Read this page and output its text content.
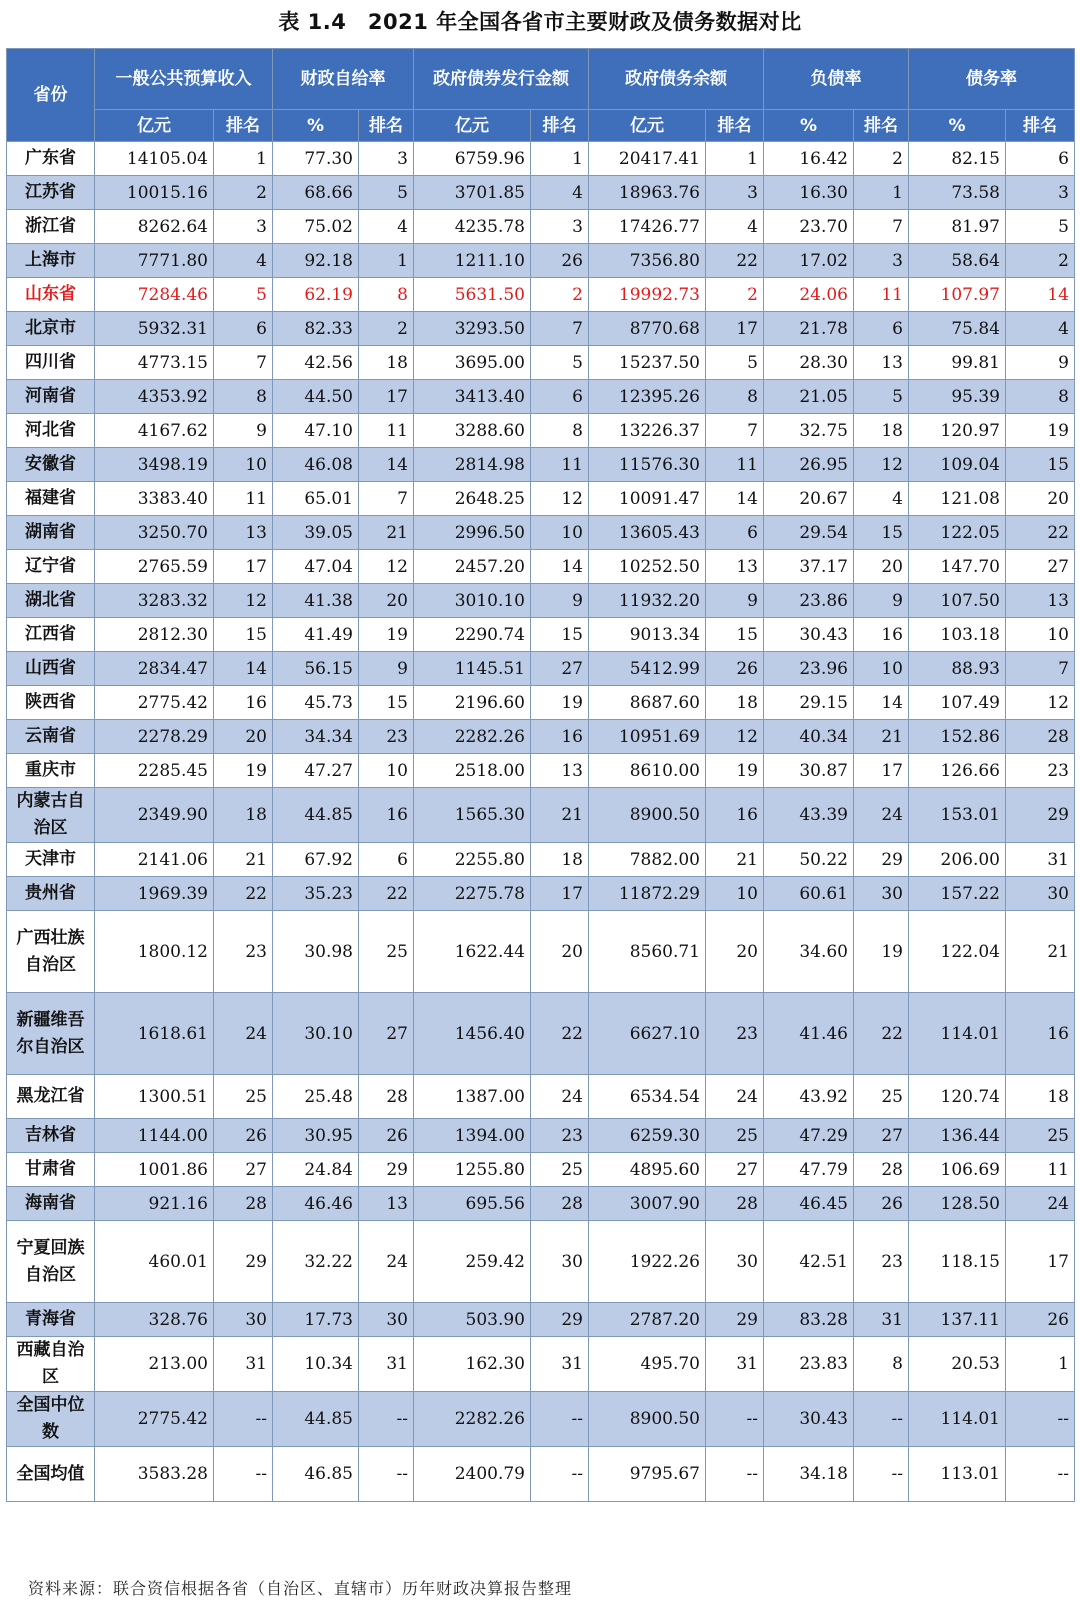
表 1.4　2021 年全国各省市主要财政及债务数据对比
省份	一般公共预算收入		财政自给率		政府债券发行金额		政府债务余额		负债率		债务率	
	亿元	排名	%	排名	亿元	排名	亿元	排名	%	排名	%	排名
广东省	14105.04	1	77.30	3	6759.96	1	20417.41	1	16.42	2	82.15	6
江苏省	10015.16	2	68.66	5	3701.85	4	18963.76	3	16.30	1	73.58	3
浙江省	8262.64	3	75.02	4	4235.78	3	17426.77	4	23.70	7	81.97	5
上海市	7771.80	4	92.18	1	1211.10	26	7356.80	22	17.02	3	58.64	2
山东省	7284.46	5	62.19	8	5631.50	2	19992.73	2	24.06	11	107.97	14
北京市	5932.31	6	82.33	2	3293.50	7	8770.68	17	21.78	6	75.84	4
四川省	4773.15	7	42.56	18	3695.00	5	15237.50	5	28.30	13	99.81	9
河南省	4353.92	8	44.50	17	3413.40	6	12395.26	8	21.05	5	95.39	8
河北省	4167.62	9	47.10	11	3288.60	8	13226.37	7	32.75	18	120.97	19
安徽省	3498.19	10	46.08	14	2814.98	11	11576.30	11	26.95	12	109.04	15
福建省	3383.40	11	65.01	7	2648.25	12	10091.47	14	20.67	4	121.08	20
湖南省	3250.70	13	39.05	21	2996.50	10	13605.43	6	29.54	15	122.05	22
辽宁省	2765.59	17	47.04	12	2457.20	14	10252.50	13	37.17	20	147.70	27
湖北省	3283.32	12	41.38	20	3010.10	9	11932.20	9	23.86	9	107.50	13
江西省	2812.30	15	41.49	19	2290.74	15	9013.34	15	30.43	16	103.18	10
山西省	2834.47	14	56.15	9	1145.51	27	5412.99	26	23.96	10	88.93	7
陕西省	2775.42	16	45.73	15	2196.60	19	8687.60	18	29.15	14	107.49	12
云南省	2278.29	20	34.34	23	2282.26	16	10951.69	12	40.34	21	152.86	28
重庆市	2285.45	19	47.27	10	2518.00	13	8610.00	19	30.87	17	126.66	23
内蒙古自治区	2349.90	18	44.85	16	1565.30	21	8900.50	16	43.39	24	153.01	29
天津市	2141.06	21	67.92	6	2255.80	18	7882.00	21	50.22	29	206.00	31
贵州省	1969.39	22	35.23	22	2275.78	17	11872.29	10	60.61	30	157.22	30
广西壮族自治区	1800.12	23	30.98	25	1622.44	20	8560.71	20	34.60	19	122.04	21
新疆维吾尔自治区	1618.61	24	30.10	27	1456.40	22	6627.10	23	41.46	22	114.01	16
黑龙江省	1300.51	25	25.48	28	1387.00	24	6534.54	24	43.92	25	120.74	18
吉林省	1144.00	26	30.95	26	1394.00	23	6259.30	25	47.29	27	136.44	25
甘肃省	1001.86	27	24.84	29	1255.80	25	4895.60	27	47.79	28	106.69	11
海南省	921.16	28	46.46	13	695.56	28	3007.90	28	46.45	26	128.50	24
宁夏回族自治区	460.01	29	32.22	24	259.42	30	1922.26	30	42.51	23	118.15	17
青海省	328.76	30	17.73	30	503.90	29	2787.20	29	83.28	31	137.11	26
西藏自治区	213.00	31	10.34	31	162.30	31	495.70	31	23.83	8	20.53	1
全国中位数	2775.42	--	44.85	--	2282.26	--	8900.50	--	30.43	--	114.01	--
全国均值	3583.28	--	46.85	--	2400.79	--	9795.67	--	34.18	--	113.01	--
资料来源：联合资信根据各省（自治区、直辖市）历年财政决算报告整理
